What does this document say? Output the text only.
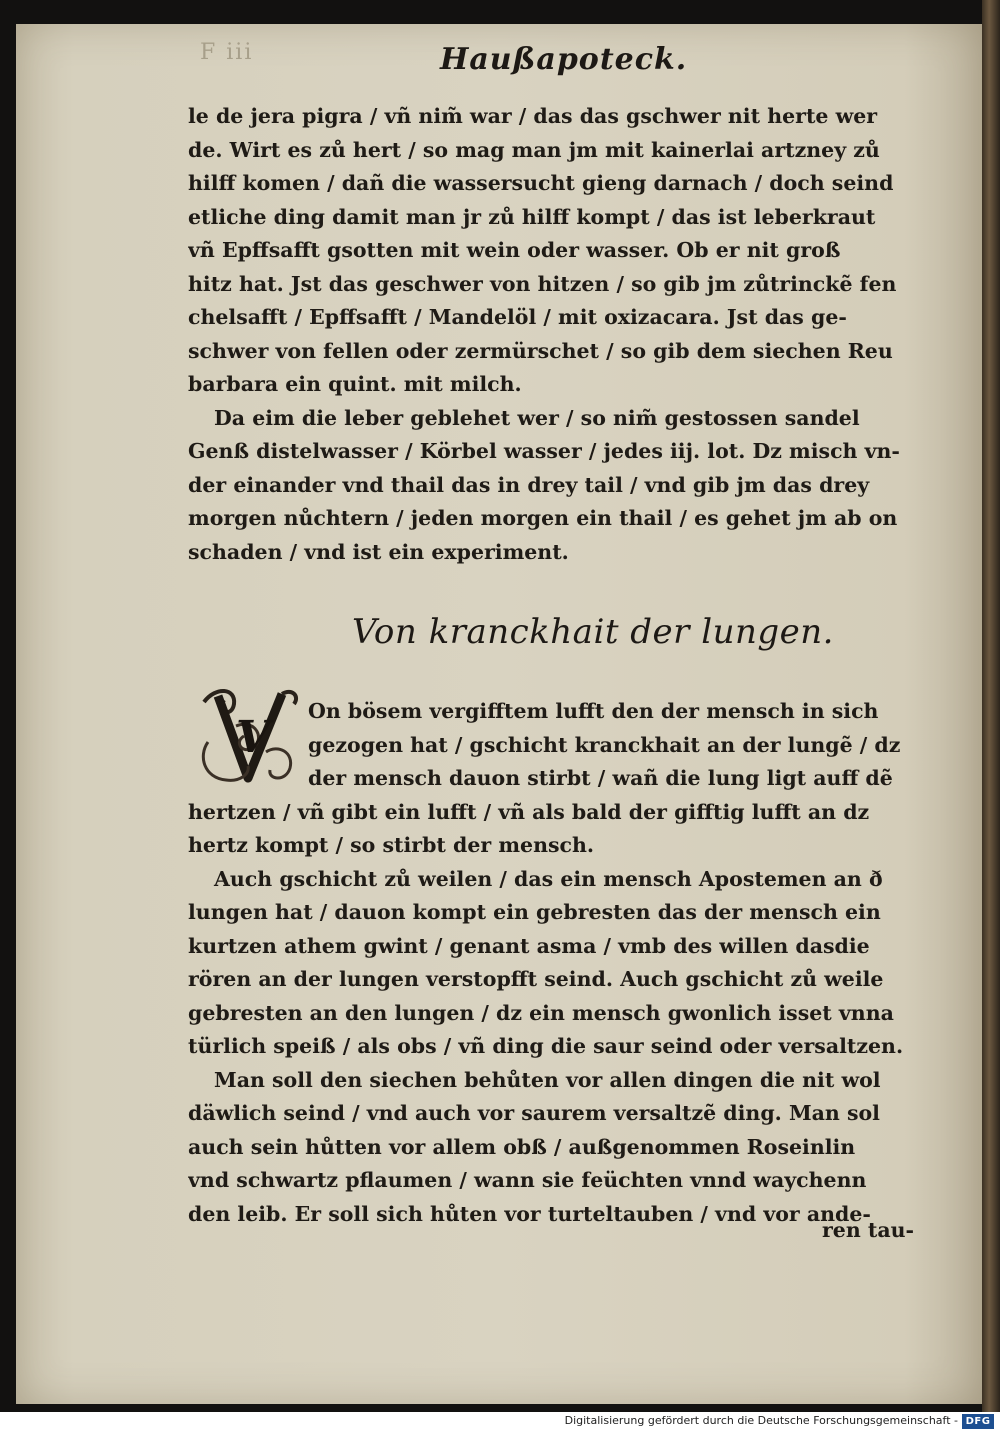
F iii	Haußapoteck.
le de jera pigra / vñ nim̃ war / das das gschwer nit herte wer
de. Wirt es zů hert / so mag man jm mit kainerlai artzney zů
hilff komen / dañ die wassersucht gieng darnach / doch seind
etliche ding damit man jr zů hilff kompt / das ist leberkraut
vñ Epffsafft gsotten mit wein oder wasser. Ob er nit groß
hitz hat. Jst das geschwer von hitzen / so gib jm zůtrinckẽ fen
chelsafft / Epffsafft / Mandelöl / mit oxizacara. Jst das ge-
schwer von fellen oder zermürschet / so gib dem siechen Reu
barbara ein quint. mit milch.
Da eim die leber geblehet wer / so nim̃ gestossen sandel
Genß distelwasser / Körbel wasser / jedes iij. lot. Dz misch vn-
der einander vnd thail das in drey tail / vnd gib jm das drey
morgen nůchtern / jeden morgen ein thail / es gehet jm ab on
schaden / vnd ist ein experiment.
Von kranckhait der lungen.
V
On bösem vergifftem lufft den der mensch in sich
gezogen hat / gschicht kranckhait an der lungẽ / dz
der mensch dauon stirbt / wañ die lung ligt auff dẽ
hertzen / vñ gibt ein lufft / vñ als bald der gifftig lufft an dz
hertz kompt / so stirbt der mensch.
Auch gschicht zů weilen / das ein mensch Apostemen an ð
lungen hat / dauon kompt ein gebresten das der mensch ein
kurtzen athem gwint / genant asma / vmb des willen dasdie
rören an der lungen verstopfft seind. Auch gschicht zů weile
gebresten an den lungen / dz ein mensch gwonlich isset vnna
türlich speiß / als obs / vñ ding die saur seind oder versaltzen.
Man soll den siechen behůten vor allen dingen die nit wol
däwlich seind / vnd auch vor saurem versaltzẽ ding. Man sol
auch sein hůtten vor allem obß / außgenommen Roseinlin
vnd schwartz pflaumen / wann sie feüchten vnnd waychenn
den leib. Er soll sich hůten vor turteltauben / vnd vor ande-
ren tau-
Digitalisierung gefördert durch die Deutsche Forschungsgemeinschaft - DFG
